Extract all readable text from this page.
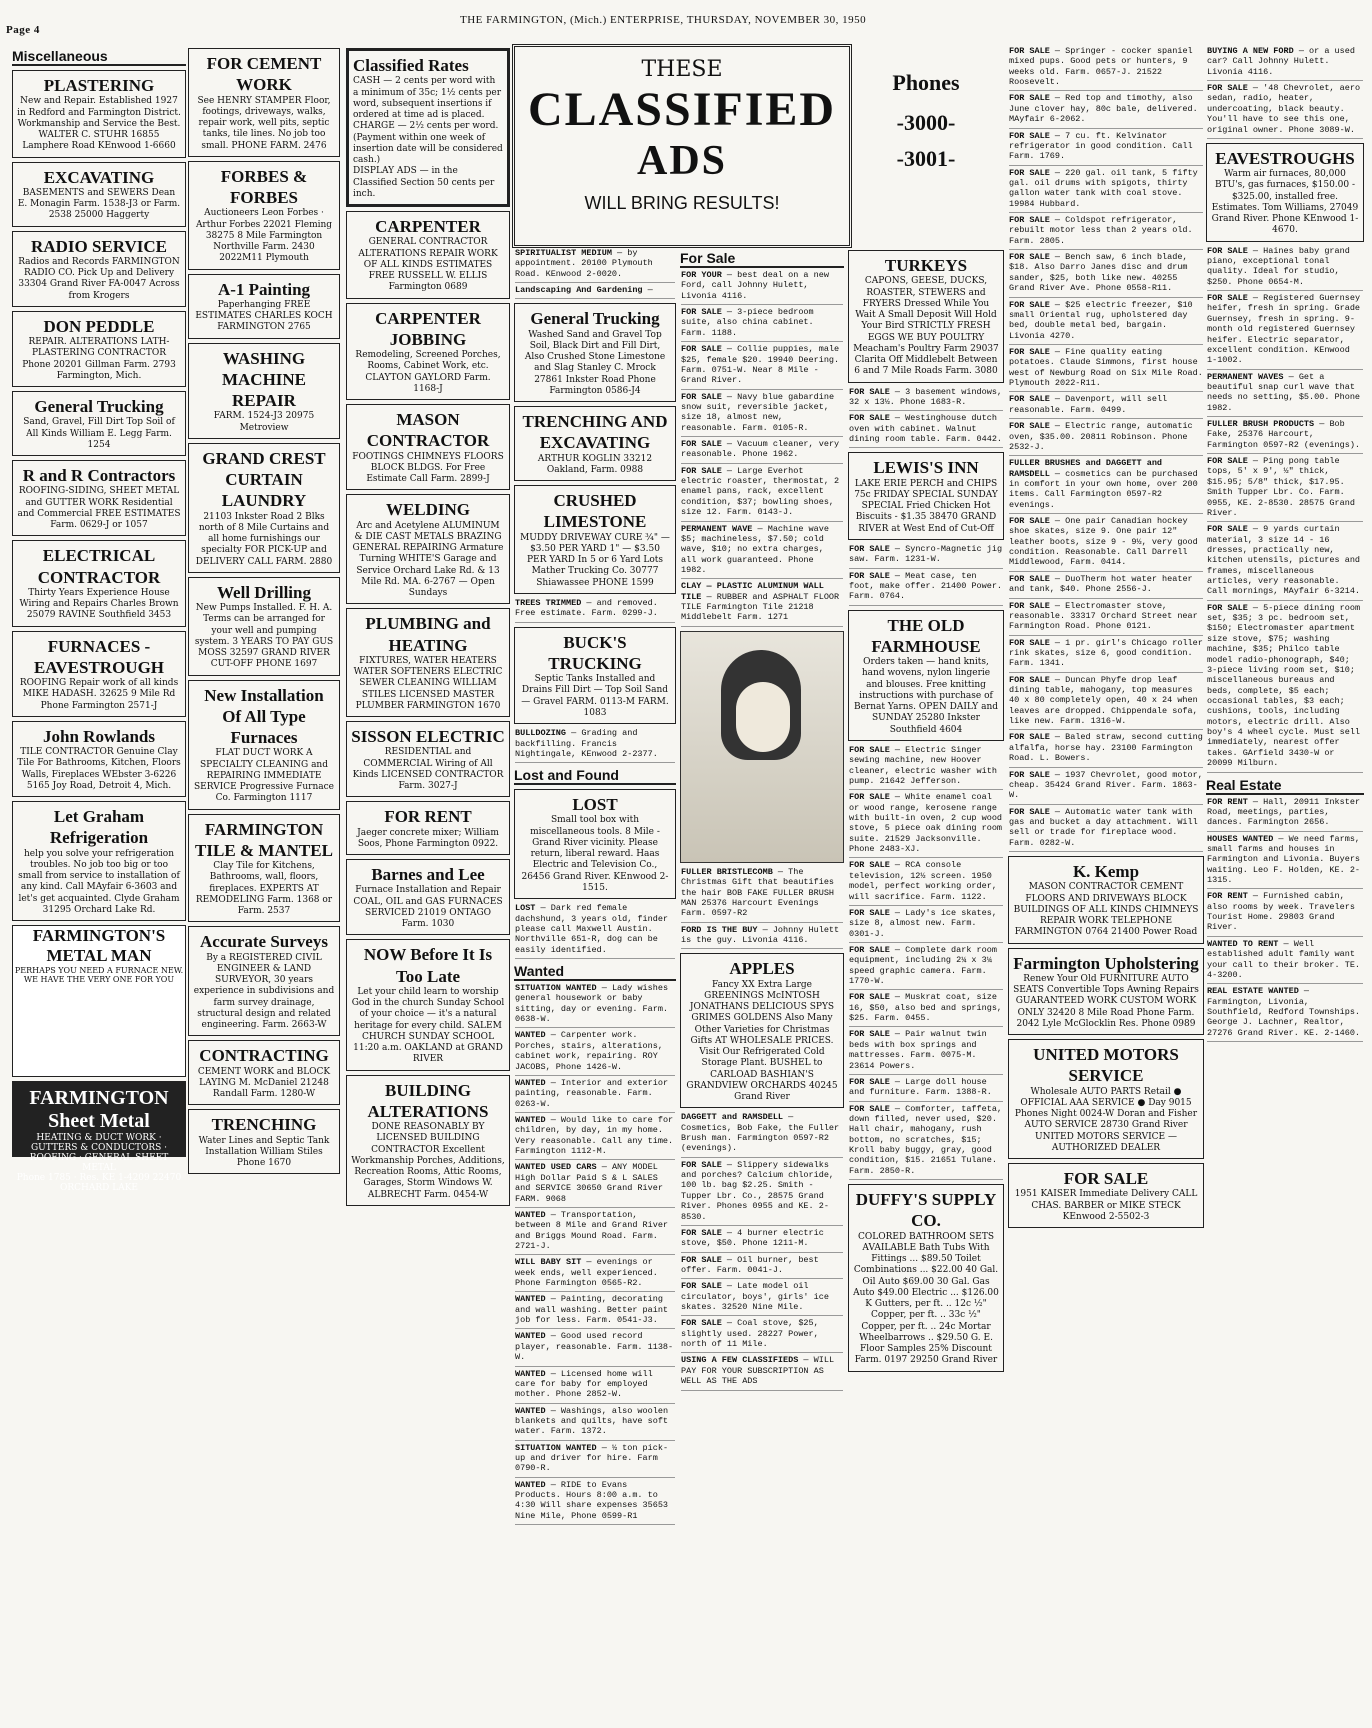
Page 4
THE FARMINGTON, (Mich.) ENTERPRISE, THURSDAY, NOVEMBER 30, 1950
THESE
CLASSIFIED
ADS
WILL BRING RESULTS!
Phones
-3000-
-3001-
Miscellaneous
PLASTERING
New and Repair. Established 1927 in Redford and Farmington District. Workmanship and Service the Best. WALTER C. STUHR 16855 Lamphere Road KEnwood 1-6660
EXCAVATING
BASEMENTS and SEWERS Dean E. Monagin Farm. 1538-J3 or Farm. 2538 25000 Haggerty
RADIO SERVICE
Radios and Records FARMINGTON RADIO CO. Pick Up and Delivery 33304 Grand River FA-0047 Across from Krogers
DON PEDDLE
REPAIR. ALTERATIONS LATH-PLASTERING CONTRACTOR Phone 20201 Gillman Farm. 2793 Farmington, Mich.
General Trucking
Sand, Gravel, Fill Dirt Top Soil of All Kinds William E. Legg Farm. 1254
R and R Contractors
ROOFING-SIDING, SHEET METAL and GUTTER WORK Residential and Commercial FREE ESTIMATES Farm. 0629-J or 1057
ELECTRICAL CONTRACTOR
Thirty Years Experience House Wiring and Repairs Charles Brown 25079 RAVINE Southfield 3453
FURNACES - EAVESTROUGH
ROOFING Repair work of all kinds MIKE HADASH. 32625 9 Mile Rd Phone Farmington 2571-J
John Rowlands
TILE CONTRACTOR Genuine Clay Tile For Bathrooms, Kitchen, Floors Walls, Fireplaces WEbster 3-6226 5165 Joy Road, Detroit 4, Mich.
Let Graham Refrigeration
help you solve your refrigeration troubles. No job too big or too small from service to installation of any kind. Call MAyfair 6-3603 and let's get acquainted. Clyde Graham 31295 Orchard Lake Rd.
FARMINGTON'S METAL MAN
PERHAPS YOU NEED A FURNACE NEW. WE HAVE THE VERY ONE FOR YOU
FARMINGTON Sheet Metal
HEATING & DUCT WORK · GUTTERS & CONDUCTORS · ROOFING · GENERAL SHEET METAL
Phone 1785 · Res. KE 1-4209 22470 ORCHARD LAKE
FOR CEMENT WORK
See HENRY STAMPER Floor, footings, driveways, walks, repair work, well pits, septic tanks, tile lines. No job too small. PHONE FARM. 2476
FORBES & FORBES
Auctioneers Leon Forbes · Arthur Forbes 22021 Fleming 38275 8 Mile Farmington Northville Farm. 2430 2022M11 Plymouth
A-1 Painting
Paperhanging FREE ESTIMATES CHARLES KOCH FARMINGTON 2765
WASHING MACHINE REPAIR
FARM. 1524-J3 20975 Metroview
GRAND CREST CURTAIN LAUNDRY
21103 Inkster Road 2 Blks north of 8 Mile Curtains and all home furnishings our specialty FOR PICK-UP and DELIVERY CALL FARM. 2880
Well Drilling
New Pumps Installed. F. H. A. Terms can be arranged for your well and pumping system. 3 YEARS TO PAY GUS MOSS 32597 GRAND RIVER CUT-OFF PHONE 1697
New Installation Of All Type Furnaces
FLAT DUCT WORK A SPECIALTY CLEANING and REPAIRING IMMEDIATE SERVICE Progressive Furnace Co. Farmington 1117
FARMINGTON TILE & MANTEL
Clay Tile for Kitchens, Bathrooms, wall, floors, fireplaces. EXPERTS AT REMODELING Farm. 1368 or Farm. 2537
Accurate Surveys
By a REGISTERED CIVIL ENGINEER & LAND SURVEYOR, 30 years experience in subdivisions and farm survey drainage, structural design and related engineering. Farm. 2663-W
CONTRACTING
CEMENT WORK and BLOCK LAYING M. McDaniel 21248 Randall Farm. 1280-W
TRENCHING
Water Lines and Septic Tank Installation William Stiles Phone 1670
Classified Rates
CASH — 2 cents per word with a minimum of 35c; 1½ cents per word, subsequent insertions if ordered at time ad is placed.
CHARGE — 2½ cents per word. (Payment within one week of insertion date will be considered cash.)
DISPLAY ADS — in the Classified Section 50 cents per inch.
CARPENTER
GENERAL CONTRACTOR ALTERATIONS REPAIR WORK OF ALL KINDS ESTIMATES FREE RUSSELL W. ELLIS Farmington 0689
CARPENTER JOBBING
Remodeling, Screened Porches, Rooms, Cabinet Work, etc. CLAYTON GAYLORD Farm. 1168-J
MASON CONTRACTOR
FOOTINGS CHIMNEYS FLOORS BLOCK BLDGS. For Free Estimate Call Farm. 2899-J
WELDING
Arc and Acetylene ALUMINUM & DIE CAST METALS BRAZING GENERAL REPAIRING Armature Turning WHITE'S Garage and Service Orchard Lake Rd. & 13 Mile Rd. MA. 6-2767 — Open Sundays
PLUMBING and HEATING
FIXTURES, WATER HEATERS WATER SOFTENERS ELECTRIC SEWER CLEANING WILLIAM STILES LICENSED MASTER PLUMBER FARMINGTON 1670
SISSON ELECTRIC
RESIDENTIAL and COMMERCIAL Wiring of All Kinds LICENSED CONTRACTOR Farm. 3027-J
FOR RENT
Jaeger concrete mixer; William Soos, Phone Farmington 0922.
Barnes and Lee
Furnace Installation and Repair COAL, OIL and GAS FURNACES SERVICED 21019 ONTAGO Farm. 1030
NOW Before It Is Too Late
Let your child learn to worship God in the church Sunday School of your choice — it's a natural heritage for every child. SALEM CHURCH SUNDAY SCHOOL 11:20 a.m. OAKLAND at GRAND RIVER
BUILDING ALTERATIONS
DONE REASONABLY BY LICENSED BUILDING CONTRACTOR Excellent Workmanship Porches, Additions, Recreation Rooms, Attic Rooms, Garages, Storm Windows W. ALBRECHT Farm. 0454-W
SPIRITUALIST MEDIUM — by appointment. 20100 Plymouth Road. KEnwood 2-0020.
Landscaping And Gardening —
General Trucking
Washed Sand and Gravel Top Soil, Black Dirt and Fill Dirt, Also Crushed Stone Limestone and Slag Stanley C. Mrock 27861 Inkster Road Phone Farmington 0586-J4
TRENCHING AND EXCAVATING
ARTHUR KOGLIN 33212 Oakland, Farm. 0988
CRUSHED LIMESTONE
MUDDY DRIVEWAY CURE ¾" — $3.50 PER YARD 1" — $3.50 PER YARD In 5 or 6 Yard Lots Mather Trucking Co. 30777 Shiawassee PHONE 1599
TREES TRIMMED — and removed. Free estimate. Farm. 0299-J.
BUCK'S TRUCKING
Septic Tanks Installed and Drains Fill Dirt — Top Soil Sand — Gravel FARM. 0113-M FARM. 1083
BULLDOZING — Grading and backfilling. Francis Nightingale, KEnwood 2-2377.
Lost and Found
LOST
Small tool box with miscellaneous tools. 8 Mile - Grand River vicinity. Please return, liberal reward. Haas Electric and Television Co., 26456 Grand River. KEnwood 2-1515.
LOST — Dark red female dachshund, 3 years old, finder please call Maxwell Austin. Northville 651-R, dog can be easily identified.
Wanted
SITUATION WANTED — Lady wishes general housework or baby sitting, day or evening. Farm. 0638-W.
WANTED — Carpenter work. Porches, stairs, alterations, cabinet work, repairing. ROY JACOBS, Phone 1426-W.
WANTED — Interior and exterior painting, reasonable. Farm. 0263-W.
WANTED — Would like to care for children, by day, in my home. Very reasonable. Call any time. Farmington 1112-M.
WANTED USED CARS — ANY MODEL High Dollar Paid S & L SALES and SERVICE 30650 Grand River FARM. 9068
WANTED — Transportation, between 8 Mile and Grand River and Briggs Mound Road. Farm. 2721-J.
WILL BABY SIT — evenings or week ends, well experienced. Phone Farmington 0565-R2.
WANTED — Painting, decorating and wall washing. Better paint job for less. Farm. 0541-J3.
WANTED — Good used record player, reasonable. Farm. 1138-W.
WANTED — Licensed home will care for baby for employed mother. Phone 2852-W.
WANTED — Washings, also woolen blankets and quilts, have soft water. Farm. 1372.
SITUATION WANTED — ½ ton pick-up and driver for hire. Farm 0790-R.
WANTED — RIDE to Evans Products. Hours 8:00 a.m. to 4:30 Will share expenses 35653 Nine Mile, Phone 0599-R1
For Sale
FOR YOUR — best deal on a new Ford, call Johnny Hulett, Livonia 4116.
FOR SALE — 3-piece bedroom suite, also china cabinet. Farm. 1188.
FOR SALE — Collie puppies, male $25, female $20. 19940 Deering. Farm. 0751-W. Near 8 Mile - Grand River.
FOR SALE — Navy blue gabardine snow suit, reversible jacket, size 18, almost new, reasonable. Farm. 0105-R.
FOR SALE — Vacuum cleaner, very reasonable. Phone 1962.
FOR SALE — Large Everhot electric roaster, thermostat, 2 enamel pans, rack, excellent condition, $37; bowling shoes, size 12. Farm. 0143-J.
PERMANENT WAVE — Machine wave $5; machineless, $7.50; cold wave, $10; no extra charges, all work guaranteed. Phone 1982.
CLAY — PLASTIC ALUMINUM WALL TILE — RUBBER and ASPHALT FLOOR TILE Farmington Tile 21218 Middlebelt Farm. 1271
FULLER BRISTLECOMB — The Christmas Gift that beautifies the hair BOB FAKE FULLER BRUSH MAN 25376 Harcourt Evenings Farm. 0597-R2
FORD IS THE BUY — Johnny Hulett is the guy. Livonia 4116.
APPLES
Fancy XX Extra Large GREENINGS McINTOSH JONATHANS DELICIOUS SPYS GRIMES GOLDENS Also Many Other Varieties for Christmas Gifts AT WHOLESALE PRICES. Visit Our Refrigerated Cold Storage Plant. BUSHEL to CARLOAD BASHIAN'S GRANDVIEW ORCHARDS 40245 Grand River
DAGGETT and RAMSDELL — Cosmetics, Bob Fake, the Fuller Brush man. Farmington 0597-R2 (evenings).
FOR SALE — Slippery sidewalks and porches? Calcium chloride, 100 lb. bag $2.25. Smith - Tupper Lbr. Co., 28575 Grand River. Phones 0955 and KE. 2-8530.
FOR SALE — 4 burner electric stove, $50. Phone 1211-M.
FOR SALE — Oil burner, best offer. Farm. 0041-J.
FOR SALE — Late model oil circulator, boys', girls' ice skates. 32520 Nine Mile.
FOR SALE — Coal stove, $25, slightly used. 28227 Power, north of 11 Mile.
USING A FEW CLASSIFIEDS — WILL PAY FOR YOUR SUBSCRIPTION AS WELL AS THE ADS
TURKEYS
CAPONS, GEESE, DUCKS, ROASTER, STEWERS and FRYERS Dressed While You Wait A Small Deposit Will Hold Your Bird STRICTLY FRESH EGGS WE BUY POULTRY Meacham's Poultry Farm 29037 Clarita Off Middlebelt Between 6 and 7 Mile Roads Farm. 3080
FOR SALE — 3 basement windows, 32 x 13½. Phone 1683-R.
FOR SALE — Westinghouse dutch oven with cabinet. Walnut dining room table. Farm. 0442.
LEWIS'S INN
LAKE ERIE PERCH and CHIPS 75c FRIDAY SPECIAL SUNDAY SPECIAL Fried Chicken Hot Biscuits - $1.35 38470 GRAND RIVER at West End of Cut-Off
FOR SALE — Syncro-Magnetic jig saw. Farm. 1231-W.
FOR SALE — Meat case, ten foot, make offer. 21400 Power. Farm. 0764.
THE OLD FARMHOUSE
Orders taken — hand knits, hand wovens, nylon lingerie and blouses. Free knitting instructions with purchase of Bernat Yarns. OPEN DAILY and SUNDAY 25280 Inkster Southfield 4604
FOR SALE — Electric Singer sewing machine, new Hoover cleaner, electric washer with pump. 21642 Jefferson.
FOR SALE — White enamel coal or wood range, kerosene range with built-in oven, 2 cup wood stove, 5 piece oak dining room suite. 21529 Jacksonville. Phone 2483-XJ.
FOR SALE — RCA console television, 12½ screen. 1950 model, perfect working order, will sacrifice. Farm. 1122.
FOR SALE — Lady's ice skates, size 8, almost new. Farm. 0301-J.
FOR SALE — Complete dark room equipment, including 2¼ x 3¼ speed graphic camera. Farm. 1770-W.
FOR SALE — Muskrat coat, size 16, $50, also bed and springs, $25. Farm. 0455.
FOR SALE — Pair walnut twin beds with box springs and mattresses. Farm. 0075-M. 23614 Powers.
FOR SALE — Large doll house and furniture. Farm. 1388-R.
FOR SALE — Comforter, taffeta, down filled, never used, $20. Hall chair, mahogany, rush bottom, no scratches, $15; Kroll baby buggy, gray, good condition, $15. 21651 Tulane. Farm. 2850-R.
DUFFY'S SUPPLY CO.
COLORED BATHROOM SETS AVAILABLE Bath Tubs With Fittings ... $89.50 Toilet Combinations ... $22.00 40 Gal. Oil Auto $69.00 30 Gal. Gas Auto $49.00 Electric ... $126.00 K Gutters, per ft. .. 12c ½" Copper, per ft. .. 33c ½" Copper, per ft. .. 24c Mortar Wheelbarrows .. $29.50 G. E. Floor Samples 25% Discount Farm. 0197 29250 Grand River
FOR SALE — Springer - cocker spaniel mixed pups. Good pets or hunters, 9 weeks old. Farm. 0657-J. 21522 Roosevelt.
FOR SALE — Red top and timothy, also June clover hay, 80c bale, delivered. MAyfair 6-2062.
FOR SALE — 7 cu. ft. Kelvinator refrigerator in good condition. Call Farm. 1769.
FOR SALE — 220 gal. oil tank, 5 fifty gal. oil drums with spigots, thirty gallon water tank with coal stove. 19984 Hubbard.
FOR SALE — Coldspot refrigerator, rebuilt motor less than 2 years old. Farm. 2805.
FOR SALE — Bench saw, 6 inch blade, $18. Also Darro Janes disc and drum sander, $25, both like new. 40255 Grand River Ave. Phone 0558-R11.
FOR SALE — $25 electric freezer, $10 small Oriental rug, upholstered day bed, double metal bed, bargain. Livonia 4270.
FOR SALE — Fine quality eating potatoes. Claude Simmons, first house west of Newburg Road on Six Mile Road. Plymouth 2022-R11.
FOR SALE — Davenport, will sell reasonable. Farm. 0499.
FOR SALE — Electric range, automatic oven, $35.00. 20811 Robinson. Phone 2532-J.
FULLER BRUSHES and DAGGETT and RAMSDELL — cosmetics can be purchased in comfort in your own home, over 200 items. Call Farmington 0597-R2 evenings.
FOR SALE — One pair Canadian hockey shoe skates, size 9. One pair 12" leather boots, size 9 - 9½, very good condition. Reasonable. Call Darrell Middlewood, Farm. 0414.
FOR SALE — DuoTherm hot water heater and tank, $40. Phone 2556-J.
FOR SALE — Electromaster stove, reasonable. 33317 Orchard Street near Farmington Road. Phone 0121.
FOR SALE — 1 pr. girl's Chicago roller rink skates, size 6, good condition. Farm. 1341.
FOR SALE — Duncan Phyfe drop leaf dining table, mahogany, top measures 40 x 80 completely open, 40 x 24 when leaves are dropped. Chippendale sofa, like new. Farm. 1316-W.
FOR SALE — Baled straw, second cutting alfalfa, horse hay. 23100 Farmington Road. L. Bowers.
FOR SALE — 1937 Chevrolet, good motor, cheap. 35424 Grand River. Farm. 1863-W.
FOR SALE — Automatic water tank with gas and bucket a day attachment. Will sell or trade for fireplace wood. Farm. 0282-W.
K. Kemp
MASON CONTRACTOR CEMENT FLOORS AND DRIVEWAYS BLOCK BUILDINGS OF ALL KINDS CHIMNEYS REPAIR WORK TELEPHONE FARMINGTON 0764 21400 Power Road
Farmington Upholstering
Renew Your Old FURNITURE AUTO SEATS Convertible Tops Awning Repairs GUARANTEED WORK CUSTOM WORK ONLY 32420 8 Mile Road Phone Farm. 2042 Lyle McGlocklin Res. Phone 0989
UNITED MOTORS SERVICE
Wholesale AUTO PARTS Retail ● OFFICIAL AAA SERVICE ● Day 9015 Phones Night 0024-W Doran and Fisher AUTO SERVICE 28730 Grand River UNITED MOTORS SERVICE — AUTHORIZED DEALER
FOR SALE
1951 KAISER Immediate Delivery CALL CHAS. BARBER or MIKE STECK KEnwood 2-5502-3
BUYING A NEW FORD — or a used car? Call Johnny Hulett. Livonia 4116.
FOR SALE — '48 Chevrolet, aero sedan, radio, heater, undercoating, black beauty. You'll have to see this one, original owner. Phone 3089-W.
EAVESTROUGHS
Warm air furnaces, 80,000 BTU's, gas furnaces, $150.00 - $325.00, installed free. Estimates. Tom Williams, 27049 Grand River. Phone KEnwood 1-4670.
FOR SALE — Haines baby grand piano, exceptional tonal quality. Ideal for studio, $250. Phone 0654-M.
FOR SALE — Registered Guernsey heifer, fresh in spring. Grade Guernsey, fresh in spring. 9-month old registered Guernsey heifer. Electric separator, excellent condition. KEnwood 1-1002.
PERMANENT WAVES — Get a beautiful snap curl wave that needs no setting, $5.00. Phone 1982.
FULLER BRUSH PRODUCTS — Bob Fake, 25376 Harcourt, Farmington 0597-R2 (evenings).
FOR SALE — Ping pong table tops, 5' x 9', ½" thick, $15.95; 5/8" thick, $17.95. Smith Tupper Lbr. Co. Farm. 0955, KE. 2-8530. 28575 Grand River.
FOR SALE — 9 yards curtain material, 3 size 14 - 16 dresses, practically new, kitchen utensils, pictures and frames, miscellaneous articles, very reasonable. Call mornings, MAyfair 6-3214.
FOR SALE — 5-piece dining room set, $35; 3 pc. bedroom set, $150; Electromaster apartment size stove, $75; washing machine, $35; Philco table model radio-phonograph, $40; 3-piece living room set, $10; miscellaneous bureaus and beds, complete, $5 each; occasional tables, $3 each; cushions, tools, including motors, electric drill. Also boy's 4 wheel cycle. Must sell immediately, nearest offer takes. GArfield 3430-W or 20099 Milburn.
Real Estate
FOR RENT — Hall, 20911 Inkster Road, meetings, parties, dances. Farmington 2656.
HOUSES WANTED — We need farms, small farms and houses in Farmington and Livonia. Buyers waiting. Leo F. Holden, KE. 2-1315.
FOR RENT — Furnished cabin, also rooms by week. Travelers Tourist Home. 29803 Grand River.
WANTED TO RENT — Well established adult family want your call to their broker. TE. 4-3200.
REAL ESTATE WANTED — Farmington, Livonia, Southfield, Redford Townships. George J. Lachner, Realtor, 27276 Grand River. KE. 2-1460.
